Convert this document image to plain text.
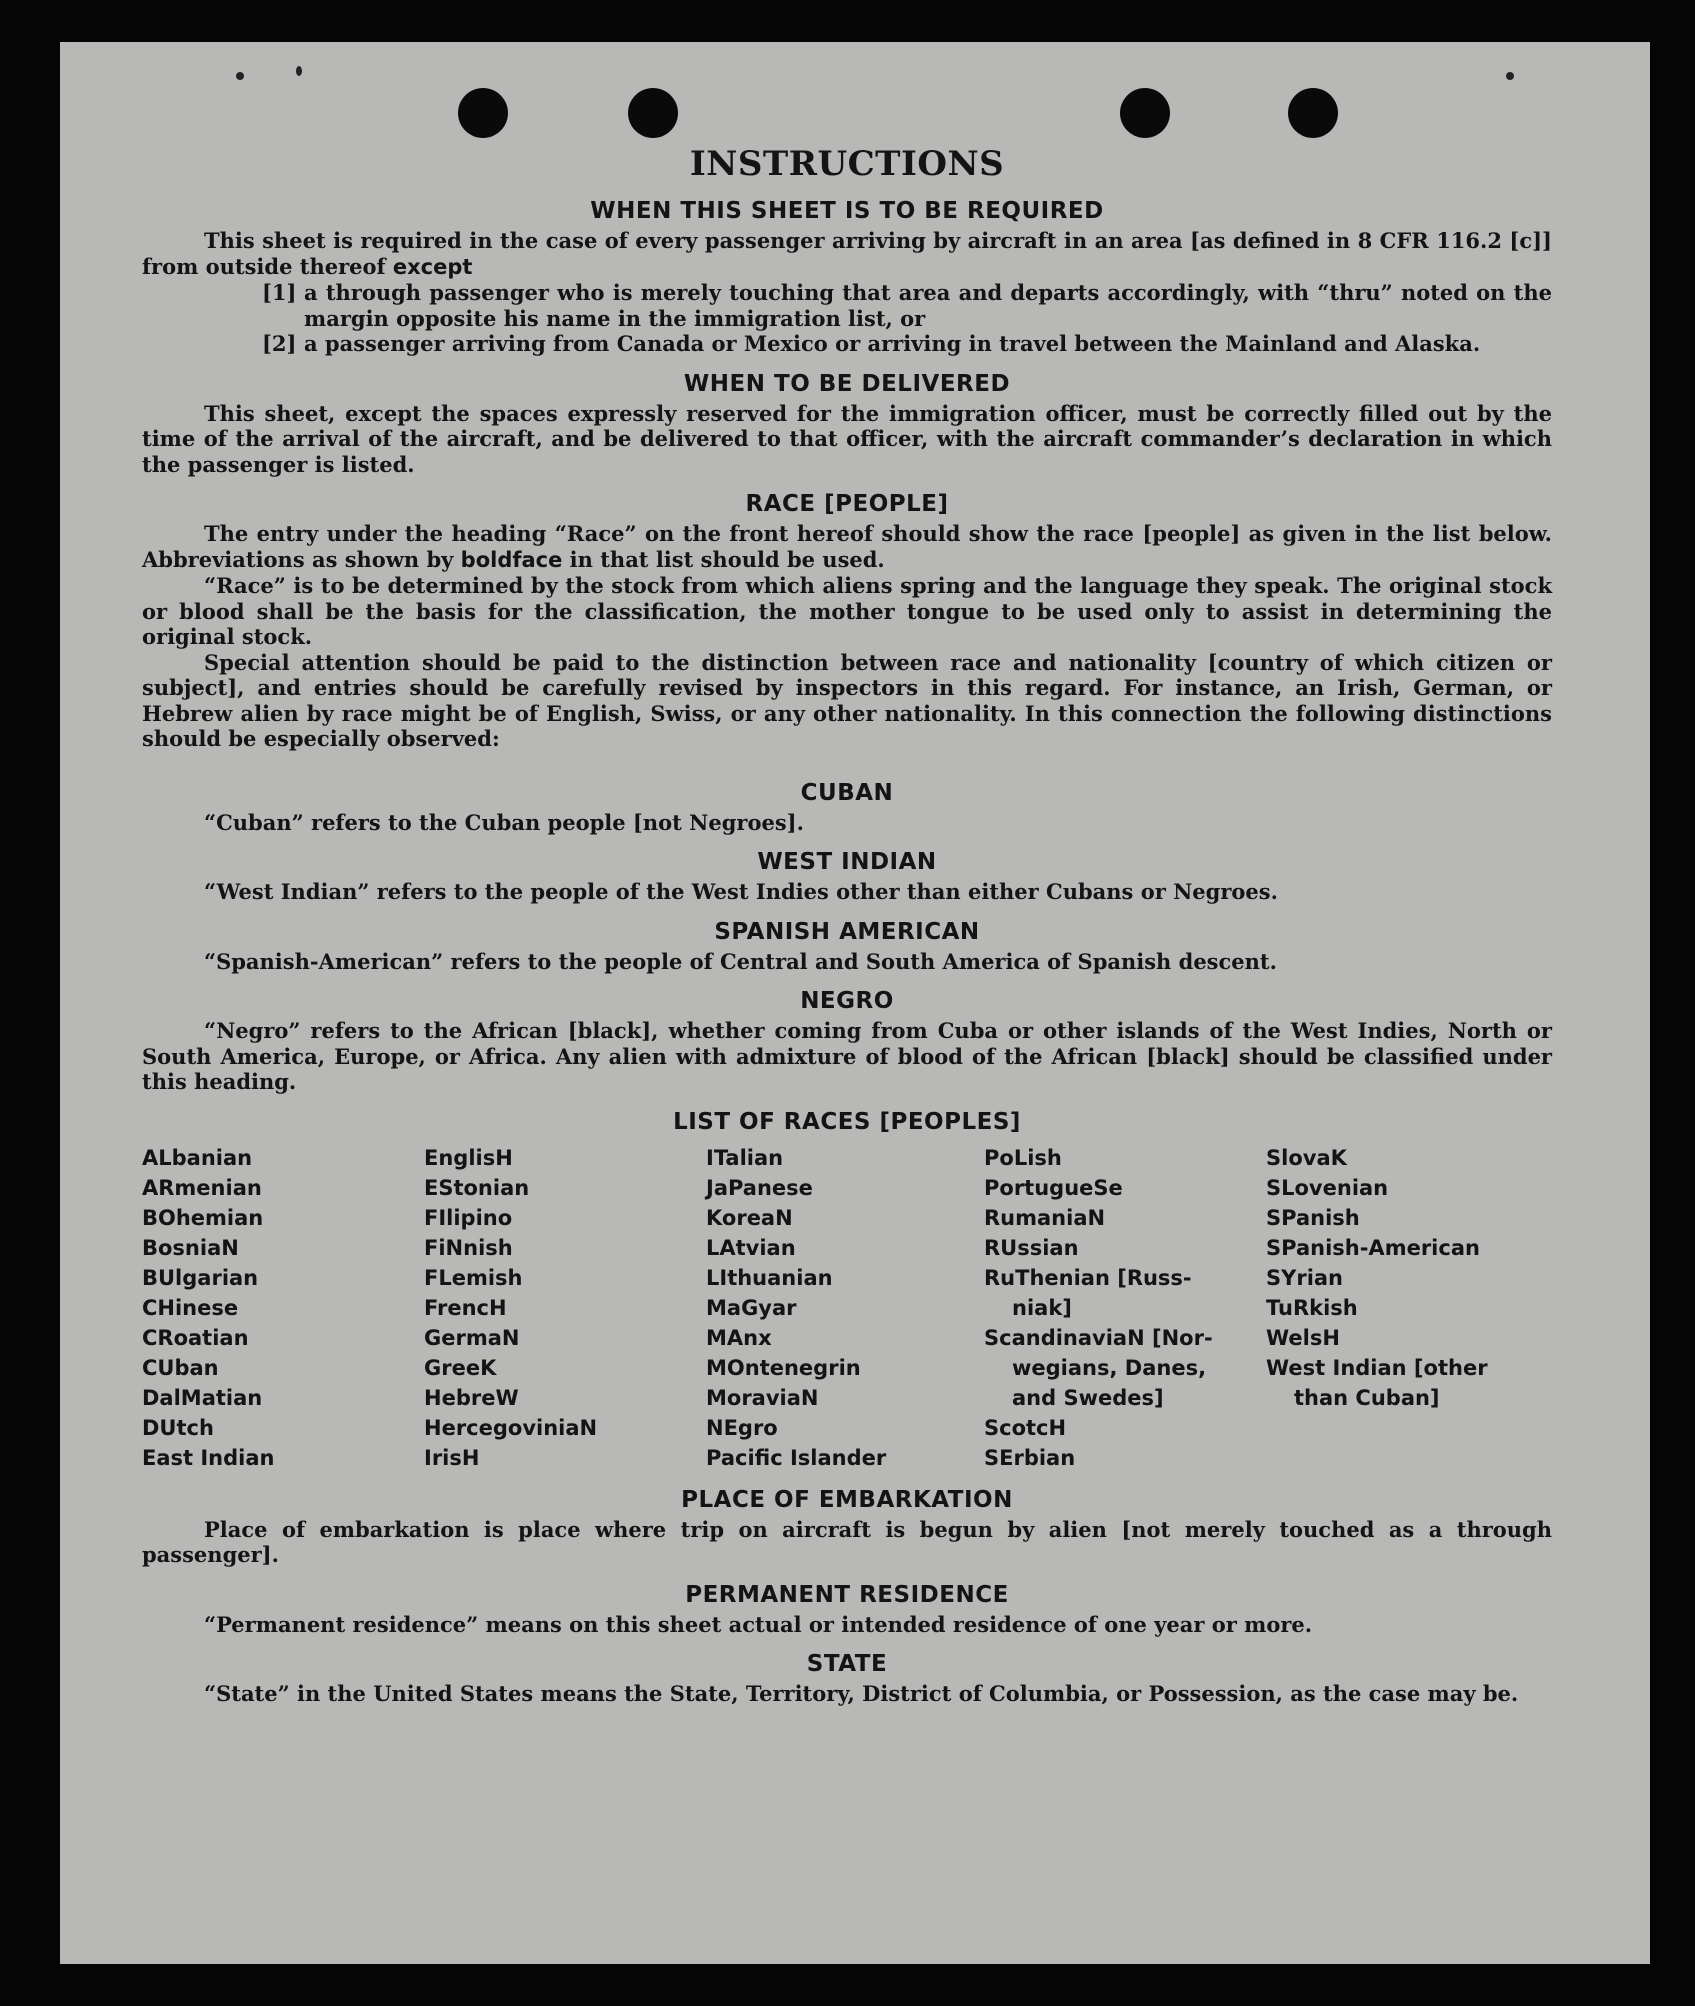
INSTRUCTIONS
WHEN THIS SHEET IS TO BE REQUIRED

This sheet is required in the case of every passenger arriving by aircraft in an area [as defined in 8 CFR 116.2 [c]] from outside thereof except

[1] a through passenger who is merely touching that area and departs accordingly, with “thru” noted on the margin opposite his name in the immigration list, or
[2] a passenger arriving from Canada or Mexico or arriving in travel between the Mainland and Alaska.
WHEN TO BE DELIVERED

This sheet, except the spaces expressly reserved for the immigration officer, must be correctly filled out by the time of the arrival of the aircraft, and be delivered to that officer, with the aircraft commander’s declaration in which the passenger is listed.

RACE [PEOPLE]

The entry under the heading “Race” on the front hereof should show the race [people] as given in the list below. Abbreviations as shown by boldface in that list should be used.

“Race” is to be determined by the stock from which aliens spring and the language they speak. The original stock or blood shall be the basis for the classification, the mother tongue to be used only to assist in determining the original stock.

Special attention should be paid to the distinction between race and nationality [country of which citizen or subject], and entries should be carefully revised by inspectors in this regard. For instance, an Irish, German, or Hebrew alien by race might be of English, Swiss, or any other nationality. In this connection the following distinctions should be especially observed:

CUBAN

“Cuban” refers to the Cuban people [not Negroes].

WEST INDIAN

“West Indian” refers to the people of the West Indies other than either Cubans or Negroes.

SPANISH AMERICAN

“Spanish-American” refers to the people of Central and South America of Spanish descent.

NEGRO

“Negro” refers to the African [black], whether coming from Cuba or other islands of the West Indies, North or South America, Europe, or Africa. Any alien with admixture of blood of the African [black] should be classified under this heading.

LIST OF RACES [PEOPLES]
ALbanian
ARmenian
BOhemian
BosniaN
BUlgarian
CHinese
CRoatian
CUban
DalMatian
DUtch
East Indian
EnglisH
EStonian
FIlipino
FiNnish
FLemish
FrencH
GermaN
GreeK
HebreW
HercegoviniaN
IrisH
ITalian
JaPanese
KoreaN
LAtvian
LIthuanian
MaGyar
MAnx
MOntenegrin
MoraviaN
NEgro
Pacific Islander
PoLish
PortugueSe
RumaniaN
RUssian
RuThenian [Russ-
niak]
ScandinaviaN [Nor-
wegians, Danes,
and Swedes]
ScotcH
SErbian
SlovaK
SLovenian
SPanish
SPanish-American
SYrian
TuRkish
WelsH
West Indian [other
than Cuban]
PLACE OF EMBARKATION

Place of embarkation is place where trip on aircraft is begun by alien [not merely touched as a through passenger].

PERMANENT RESIDENCE

“Permanent residence” means on this sheet actual or intended residence of one year or more.

STATE

“State” in the United States means the State, Territory, District of Columbia, or Possession, as the case may be.
